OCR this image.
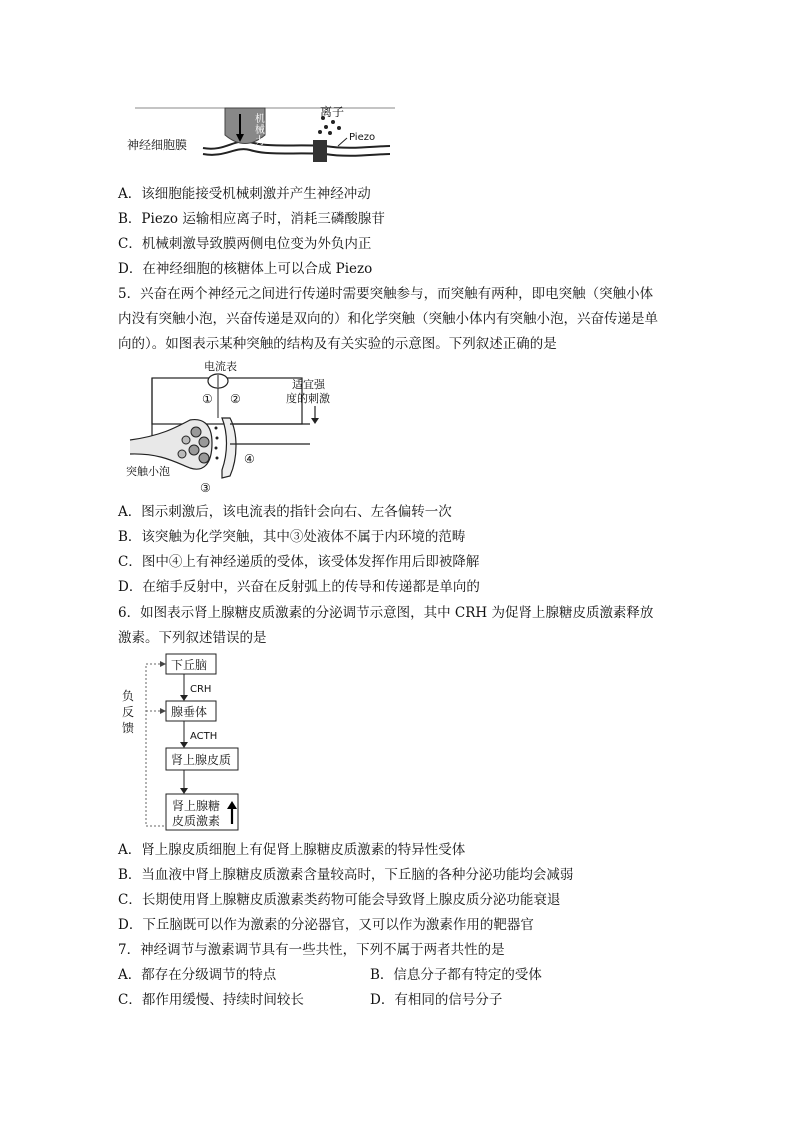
神经细胞膜
离子
Piezo
机
械
力
A．该细胞能接受机械刺激并产生神经冲动
B．Piezo 运输相应离子时，消耗三磷酸腺苷
C．机械刺激导致膜两侧电位变为外负内正
D．在神经细胞的核糖体上可以合成 Piezo
5．兴奋在两个神经元之间进行传递时需要突触参与，而突触有两种，即电突触（突触小体
内没有突触小泡，兴奋传递是双向的）和化学突触（突触小体内有突触小泡，兴奋传递是单
向的）。如图表示某种突触的结构及有关实验的示意图。下列叙述正确的是
电流表
适宜强
度的刺激
① ②
③
④
突触小泡
A．图示刺激后，该电流表的指针会向右、左各偏转一次
B．该突触为化学突触，其中③处液体不属于内环境的范畴
C．图中④上有神经递质的受体，该受体发挥作用后即被降解
D．在缩手反射中，兴奋在反射弧上的传导和传递都是单向的
6．如图表示肾上腺糖皮质激素的分泌调节示意图，其中 CRH 为促肾上腺糖皮质激素释放
激素。下列叙述错误的是
下丘脑
CRH
腺垂体
ACTH
肾上腺皮质
肾上腺糖
皮质激素
负
反
馈
A．肾上腺皮质细胞上有促肾上腺糖皮质激素的特异性受体
B．当血液中肾上腺糖皮质激素含量较高时，下丘脑的各种分泌功能均会减弱
C．长期使用肾上腺糖皮质激素类药物可能会导致肾上腺皮质分泌功能衰退
D．下丘脑既可以作为激素的分泌器官，又可以作为激素作用的靶器官
7．神经调节与激素调节具有一些共性，下列不属于两者共性的是
A．都存在分级调节的特点	B．信息分子都有特定的受体
C．都作用缓慢、持续时间较长	D．有相同的信号分子
